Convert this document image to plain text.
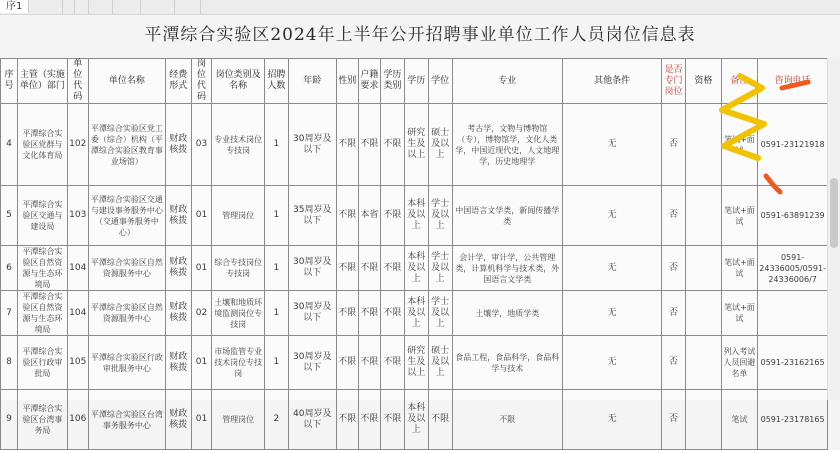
序1
平潭综合实验区2024年上半年公开招聘事业单位工作人员岗位信息表
序号	主管（实施单位）部门	单位代码	单位名称	经费形式	岗位代码	岗位类别及名称	招聘人数	年龄	性别	户籍要求	学历类别	学历	学位	专业	其他条件	是否专门岗位	资格	备注	咨询电话
4	平潭综合实验区党群与文化体育局	102	平潭综合实验区党工委（综合）机构（平潭综合实验区教育事业场馆）	财政核拨	03	专业技术岗位专技岗	1	30周岁及以下	不限	不限	不限	研究生及以上	硕士及以上	考古学，文物与博物馆（专），博物馆学，文化人类学，中国近现代史，人文地理学，历史地理学	无	否		笔试+面试	0591-23121918
5	平潭综合实验区交通与建设局	103	平潭综合实验区交通与建设事务服务中心（交通事务服务中心）	财政核拨	01	管理岗位	1	35周岁及以下	不限	本省	不限	本科及以上	学士及以上	中国语言文学类，新闻传播学类	无	否		笔试+面试	0591-63891239
6	平潭综合实验区自然资源与生态环境局	104	平潭综合实验区自然资源服务中心	财政核拨	01	综合专技岗位专技岗	1	30周岁及以下	不限	不限	不限	本科及以上	学士及以上	会计学，审计学，公共管理类，计算机科学与技术类，外国语言文学类	无	否		笔试+面试	0591-24336005/0591-24336006/7
7	平潭综合实验区自然资源与生态环境局	104	平潭综合实验区自然资源服务中心	财政核拨	02	土壤和地质环境监测岗位专技岗	1	30周岁及以下	不限	不限	不限	本科及以上	学士及以上	土壤学，地质学类	无	否		笔试+面试	
8	平潭综合实验区行政审批局	105	平潭综合实验区行政审批服务中心	财政核拨	01	市场监管专业技术岗位专技岗	1	30周岁及以下	不限	不限	不限	研究生及以上	硕士及以上	食品工程，食品科学，食品科学与技术	无	否		列入考试人员回避名单	0591-23162165
9	平潭综合实验区台湾事务局	106	平潭综合实验区台湾事务服务中心	财政核拨	01	管理岗位	2	40周岁及以下	不限	不限	不限	本科及以上	不限	不限	无	否		笔试	0591-23178165
